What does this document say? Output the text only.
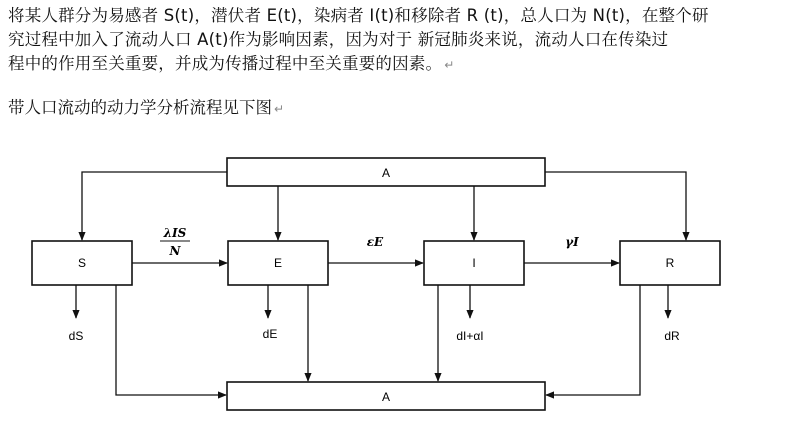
将某人群分为易感者 S(t)，潜伏者 E(t)，染病者 I(t)和移除者 R (t)，总人口为 N(t)，在整个研
究过程中加入了流动人口 A(t)作为影响因素，因为对于 新冠肺炎来说，流动人口在传染过
程中的作用至关重要，并成为传播过程中至关重要的因素。 ↵
带人口流动的动力学分析流程见下图 ↵
A
A
S	E	I	R
λIS
N
εE	γI
dS	dE	dI+αI	dR
